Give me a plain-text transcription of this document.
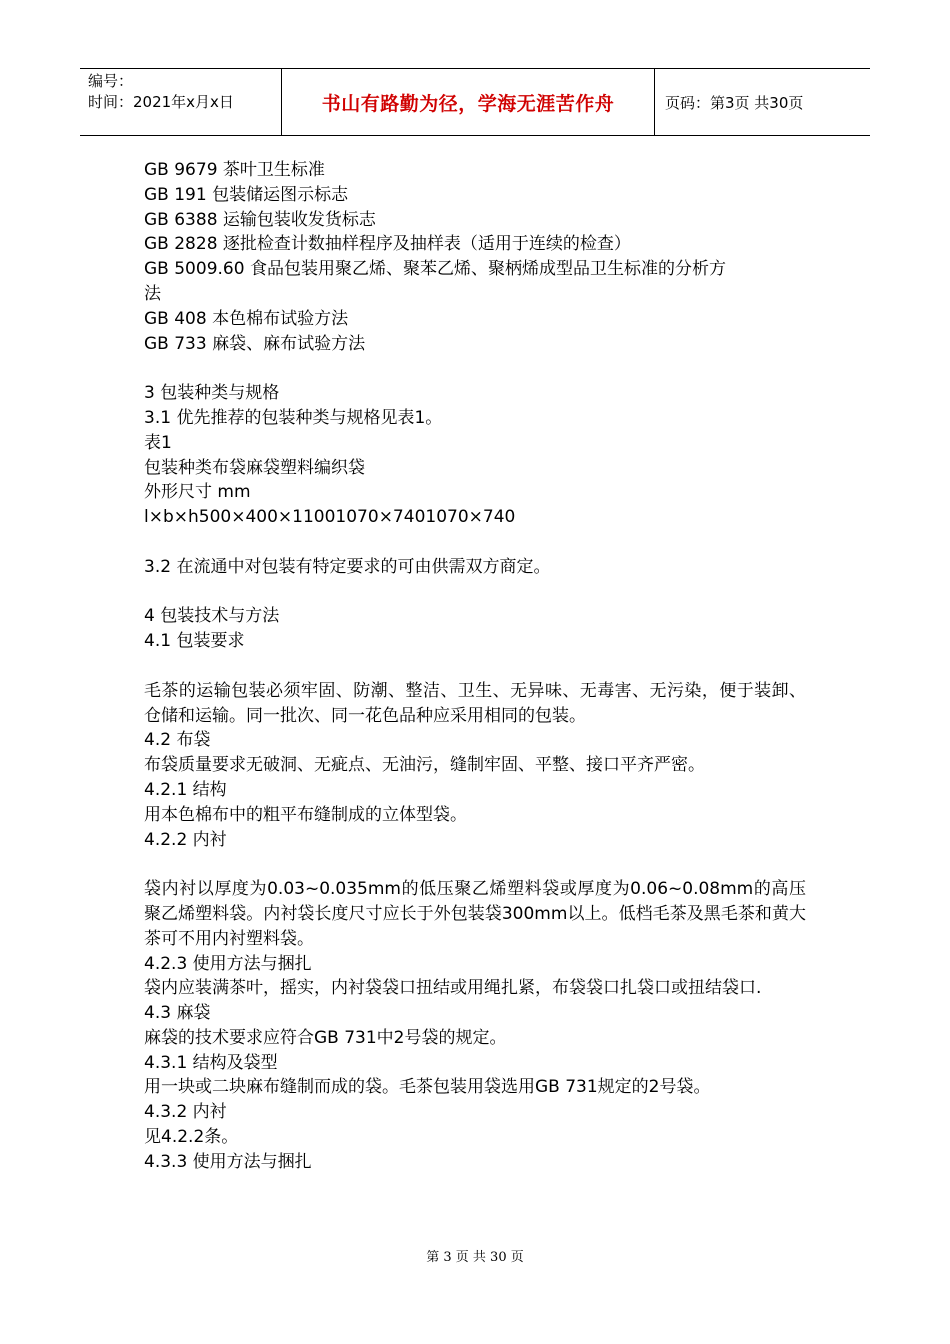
编号：
时间：2021年x月x日	书山有路勤为径，学海无涯苦作舟	页码：第3页 共30页
GB 9679 茶叶卫生标准
GB 191 包装储运图示标志
GB 6388 运输包装收发货标志
GB 2828 逐批检查计数抽样程序及抽样表（适用于连续的检查）
GB 5009.60 食品包装用聚乙烯、聚苯乙烯、聚柄烯成型品卫生标准的分析方
法
GB 408 本色棉布试验方法
GB 733 麻袋、麻布试验方法
3 包装种类与规格
3.1 优先推荐的包装种类与规格见表1。
表1
包装种类布袋麻袋塑料编织袋
外形尺寸 mm
l×b×h500×400×11001070×7401070×740
3.2 在流通中对包装有特定要求的可由供需双方商定。
4 包装技术与方法
4.1 包装要求
毛茶的运输包装必须牢固、防潮、整洁、卫生、无异味、无毒害、无污染，便于装卸、仓储和运输。同一批次、同一花色品种应采用相同的包装。
4.2 布袋
布袋质量要求无破洞、无疵点、无油污，缝制牢固、平整、接口平齐严密。
4.2.1 结构
用本色棉布中的粗平布缝制成的立体型袋。
4.2.2 内衬
袋内衬以厚度为0.03~0.035mm的低压聚乙烯塑料袋或厚度为0.06~0.08mm的高压聚乙烯塑料袋。内衬袋长度尺寸应长于外包装袋300mm以上。低档毛茶及黑毛茶和黄大茶可不用内衬塑料袋。
4.2.3 使用方法与捆扎
袋内应装满茶叶，摇实，内衬袋袋口扭结或用绳扎紧，布袋袋口扎袋口或扭结袋口.
4.3 麻袋
麻袋的技术要求应符合GB 731中2号袋的规定。
4.3.1 结构及袋型
用一块或二块麻布缝制而成的袋。毛茶包装用袋选用GB 731规定的2号袋。
4.3.2 内衬
见4.2.2条。
4.3.3 使用方法与捆扎
第 3 页 共 30 页
